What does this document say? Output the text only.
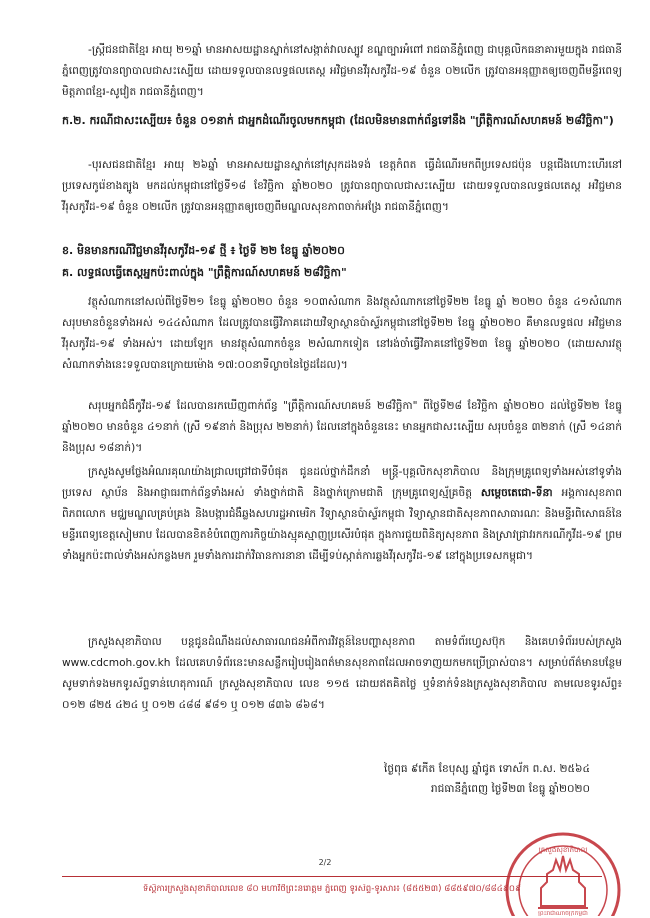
-ស្ត្រីជនជាតិខ្មែរ អាយុ ២១ឆ្នាំ មានអាសយដ្ឋានស្នាក់នៅសង្កាត់វាលស្បូវ ខណ្ឌច្បារអំពៅ រាជធានីភ្នំពេញ ជាបុគ្គលិកធនាគារមួយក្នុង រាជធានីភ្នំពេញត្រូវបានព្យាបាលជាសះស្បើយ ដោយទទួលបានលទ្ធផលតេស្ត អវិជ្ជមានវីរុសកូវីដ-១៩ ចំនួន ០២លើក ត្រូវបានអនុញ្ញាតឲ្យចេញពីមន្ទីរពេទ្យមិត្តភាពខ្មែរ-សូវៀត រាជធានីភ្នំពេញ។
ក.២. ករណីជាសះស្បើយ៖ ចំនួន ០១នាក់ ជាអ្នកដំណើរចូលមកកម្ពុជា (ដែលមិនមានពាក់ព័ន្ធទៅនឹង "ព្រឹត្តិការណ៍សហគមន៍ ២៨វិច្ឆិកា")
-បុរសជនជាតិខ្មែរ អាយុ ២៦ឆ្នាំ មានអាសយដ្ឋានស្នាក់នៅស្រុកដងទង់ ខេត្តកំពត ធ្វើដំណើរមកពីប្រទេសជប៉ុន បន្តជើងហោះហើរនៅប្រទេសកូរ៉េខាងត្បូង មកដល់កម្ពុជានៅថ្ងៃទី១៨ ខែវិច្ឆិកា ឆ្នាំ២០២០ ត្រូវបានព្យាបាលជាសះស្បើយ ដោយទទួលបានលទ្ធផលតេស្ត អវិជ្ជមានវីរុសកូវីដ-១៩ ចំនួន ០២លើក ត្រូវបានអនុញ្ញាតឲ្យចេញពីមណ្ឌលសុខភាពចាក់អង្រែ រាជធានីភ្នំពេញ។
ខ. មិនមានករណីវិជ្ជមានវីរុសកូវីដ-១៩ ថ្មី ៖ ថ្ងៃទី ២២ ខែធ្នូ ឆ្នាំ២០២០
គ. លទ្ធផលធ្វើតេស្តអ្នកប៉ះពាល់ក្នុង "ព្រឹត្តិការណ៍សហគមន៍ ២៨វិច្ឆិកា"
វត្ថុសំណាកនៅសល់ពីថ្ងៃទី២១ ខែធ្នូ ឆ្នាំ២០២០ ចំនួន ១០៣សំណាក និងវត្ថុសំណាកនៅថ្ងៃទី២២ ខែធ្នូ ឆ្នាំ ២០២០ ចំនួន ៤១សំណាក សរុបមានចំនួនទាំងអស់ ១៤៤សំណាក ដែលត្រូវបានធ្វើវិភាគដោយវិទ្យាស្ថានប៉ាស្ទ័រកម្ពុជានៅថ្ងៃទី២២ ខែធ្នូ ឆ្នាំ២០២០ គឺមានលទ្ធផល អវិជ្ជមានវីរុសកូវីដ-១៩ ទាំងអស់។ ដោយឡែក មានវត្ថុសំណាកចំនួន ២សំណាកទៀត នៅរង់ចាំធ្វើវិភាគនៅថ្ងៃទី២៣ ខែធ្នូ ឆ្នាំ២០២០ (ដោយសារវត្ថុសំណាកទាំងនេះទទួលបានក្រោយម៉ោង ១៧:០០នាទីល្ងាចនៃថ្ងៃដដែល)។
សរុបអ្នកជំងឺកូវីដ-១៩ ដែលបានរកឃើញពាក់ព័ន្ធ "ព្រឹត្តិការណ៍សហគមន៍ ២៨វិច្ឆិកា" ពីថ្ងៃទី២៨ ខែវិច្ឆិកា ឆ្នាំ២០២០ ដល់ថ្ងៃទី២២ ខែធ្នូ ឆ្នាំ២០២០ មានចំនួន ៤១នាក់ (ស្រី ១៩នាក់ និងប្រុស ២២នាក់) ដែលនៅក្នុងចំនួននេះ មានអ្នកជាសះស្បើយ សរុបចំនួន ៣២នាក់ (ស្រី ១៤នាក់ និងប្រុស ១៨នាក់)។
ក្រសួងសូមថ្លែងអំណរគុណយ៉ាងជ្រាលជ្រៅជាទីបំផុត ជូនដល់ថ្នាក់ដឹកនាំ មន្ត្រី-បុគ្គលិកសុខាភិបាល និងក្រុមគ្រូពេទ្យទាំងអស់នៅទូទាំងប្រទេស ស្ថាប័ន និងអាជ្ញាធរពាក់ព័ន្ធទាំងអស់ ទាំងថ្នាក់ជាតិ និងថ្នាក់ក្រោមជាតិ ក្រុមគ្រូពេទ្យស្ម័គ្រចិត្ត សម្តេចតេជោ-ទីនា អង្គការសុខភាពពិភពលោក មជ្ឈមណ្ឌលគ្រប់គ្រង និងបង្ការជំងឺឆ្លងសហរដ្ឋអាមេរិក វិទ្យាស្ថានប៉ាស្ទ័រកម្ពុជា វិទ្យាស្ថានជាតិសុខភាពសាធារណៈ និងមន្ទីរពិសោធន៍នៃមន្ទីរពេទ្យខេត្តសៀមរាប ដែលបានខិតខំបំពេញការកិច្ចយ៉ាងស្មុគស្មាញប្រសើរបំផុត ក្នុងការជួយពិនិត្យសុខភាព និងស្រាវជ្រាវរកករណីកូវីដ-១៩ ព្រមទាំងអ្នកប៉ះពាល់ទាំងអស់កន្លងមក រួមទាំងការដាក់វិធានការនានា ដើម្បីទប់ស្កាត់ការឆ្លងវីរុសកូវីដ-១៩ នៅក្នុងប្រទេសកម្ពុជា។
ក្រសួងសុខាភិបាល បន្តជូនដំណឹងដល់សាធារណជនអំពីការវិវត្តន៍នៃបញ្ហាសុខភាព តាមទំព័រហ្វេសប៊ុក និងគេហទំព័ររបស់ក្រសួង www.cdcmoh.gov.kh ដែលគេហទំព័រនេះមានសន្លឹករៀបរៀងពត៌មានសុខភាពដែលអាចទាញយកមកប្រើប្រាស់បាន។ សម្រាប់ព័ត៌មានបន្ថែម សូមទាក់ទងមកទូរស័ព្ទទាន់ហេតុការណ៍ ក្រសួងសុខាភិបាល លេខ ១១៥ ដោយឥតគិតថ្លៃ ឬទំនាក់ទំនងក្រសួងសុខាភិបាល តាមលេខទូរស័ព្ទ៖ ០១២ ៨២៥ ៤២៤ ឬ ០១២ ៤៨៨ ៩៨១ ឬ ០១២ ៨៣៦ ៨៦៨។
ថ្ងៃពុធ ៩កើត ខែបុស្ស ឆ្នាំជូត ទោស័ក ព.ស. ២៥៦៤
រាជធានីភ្នំពេញ ថ្ងៃទី២៣ ខែធ្នូ ឆ្នាំ២០២០
ក្រសួងសុខាភិបាល
ព្រះរាជាណាចក្រកម្ពុជា
2/2
ទីស្តីការក្រសួងសុខាភិបាលលេខ ៨០ មហាវិថីព្រះនរោត្តម ភ្នំពេញ ទូរស័ព្ទ-ទូរសារ៖ (៨៥៥២៣) ៨៨៥៩៧០/៨៨៤៩០៩
